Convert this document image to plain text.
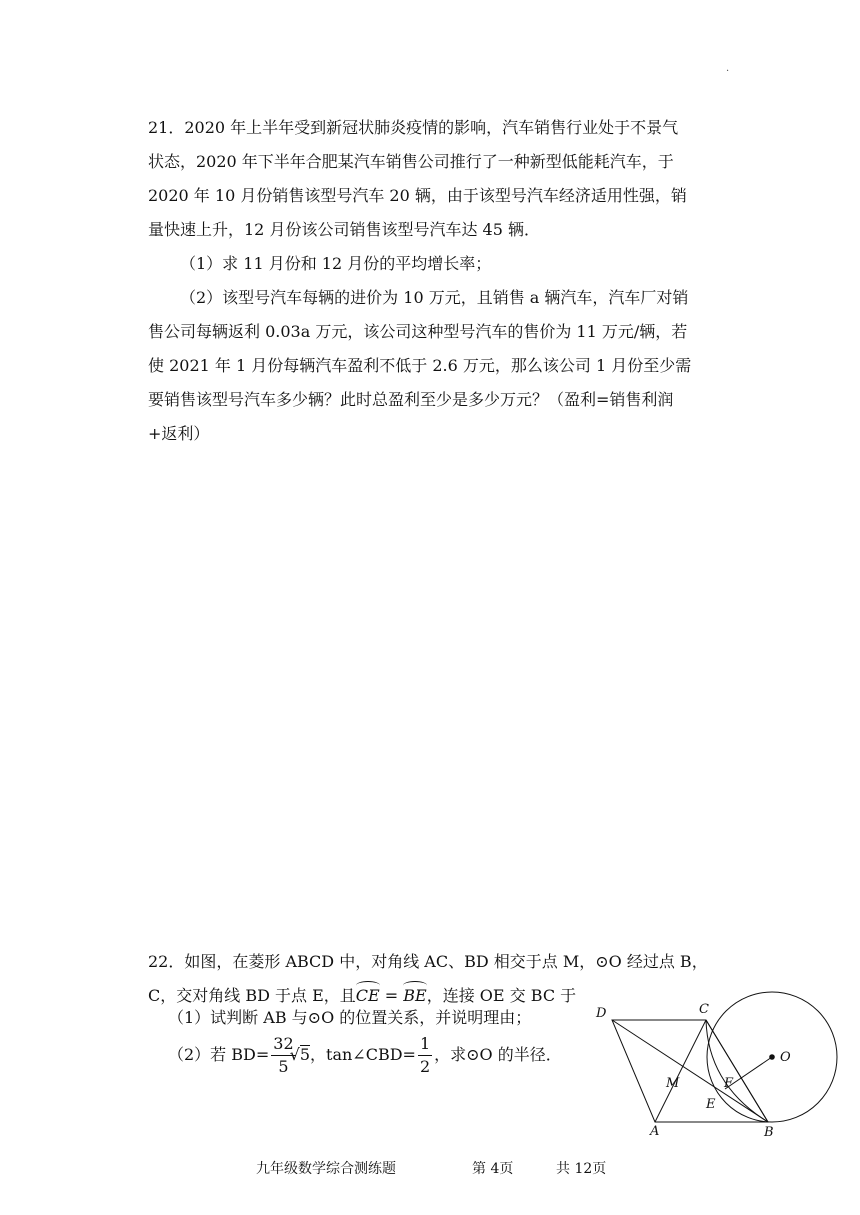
·
21．2020 年上半年受到新冠状肺炎疫情的影响，汽车销售行业处于不景气
状态，2020 年下半年合肥某汽车销售公司推行了一种新型低能耗汽车，于
2020 年 10 月份销售该型号汽车 20 辆，由于该型号汽车经济适用性强，销
量快速上升，12 月份该公司销售该型号汽车达 45 辆．
（1）求 11 月份和 12 月份的平均增长率；
（2）该型号汽车每辆的进价为 10 万元，且销售 a 辆汽车，汽车厂对销
售公司每辆返利 0.03a 万元，该公司这种型号汽车的售价为 11 万元/辆，若
使 2021 年 1 月份每辆汽车盈利不低于 2.6 万元，那么该公司 1 月份至少需
要销售该型号汽车多少辆？此时总盈利至少是多少万元？（盈利=销售利润
+返利）
22．如图，在菱形 ABCD 中，对角线 AC、BD 相交于点 M，⊙O 经过点 B，
C，交对角线 BD 于点 E，且CE = BE，连接 OE 交 BC 于
（1）试判断 AB 与⊙O 的位置关系，并说明理由；
（2）若 $BD= \frac{32}{5}$
√5，tan∠CBD= $\frac{1}{2}$ ，求⊙O 的半径．
D	C
O
M	F
E
A	B
九年级数学综合测练题	第 4页	共 12页
